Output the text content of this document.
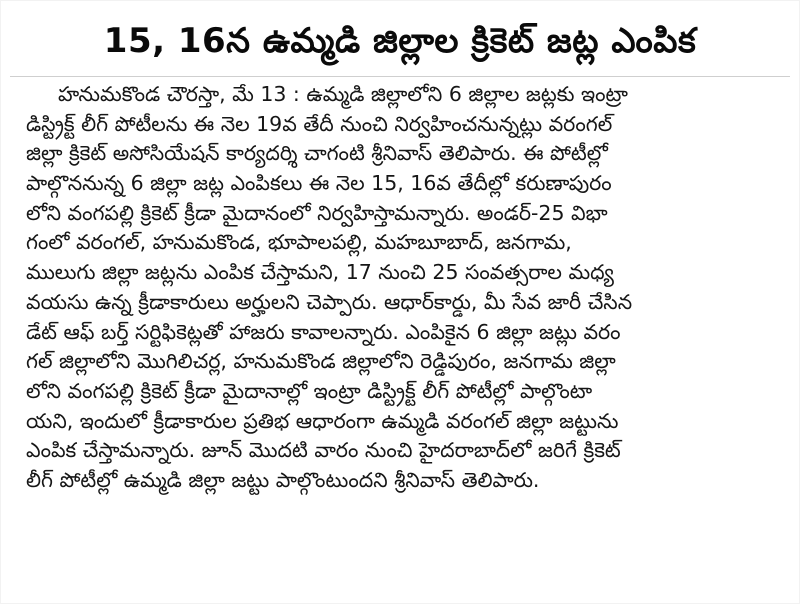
15, 16న ఉమ్మడి జిల్లాల క్రికెట్ జట్ల ఎంపిక
హనుమకొండ చౌరస్తా, మే 13 : ఉమ్మడి జిల్లాలోని 6 జిల్లాల జట్లకు ఇంట్రా
డిస్ట్రిక్ట్ లీగ్ పోటీలను ఈ నెల 19వ తేదీ నుంచి నిర్వహించనున్నట్లు వరంగల్
జిల్లా క్రికెట్ అసోసియేషన్ కార్యదర్శి చాగంటి శ్రీనివాస్ తెలిపారు. ఈ పోటీల్లో
పాల్గొననున్న 6 జిల్లా జట్ల ఎంపికలు ఈ నెల 15, 16వ తేదీల్లో కరుణాపురం
లోని వంగపల్లి క్రికెట్ క్రీడా మైదానంలో నిర్వహిస్తామన్నారు. అండర్-25 విభా
గంలో వరంగల్, హనుమకొండ, భూపాలపల్లి, మహబూబాద్, జనగామ,
ములుగు జిల్లా జట్లను ఎంపిక చేస్తామని, 17 నుంచి 25 సంవత్సరాల మధ్య
వయసు ఉన్న క్రీడాకారులు అర్హులని చెప్పారు. ఆధార్‌కార్డు, మీ సేవ జారీ చేసిన
డేట్ ఆఫ్ బర్త్ సర్టిఫికెట్లతో హాజరు కావాలన్నారు. ఎంపికైన 6 జిల్లా జట్లు వరం
గల్ జిల్లాలోని మొగిలిచర్ల, హనుమకొండ జిల్లాలోని రెడ్డిపురం, జనగామ జిల్లా
లోని వంగపల్లి క్రికెట్ క్రీడా మైదానాల్లో ఇంట్రా డిస్ట్రిక్ట్ లీగ్ పోటీల్లో పాల్గొంటా
యని, ఇందులో క్రీడాకారుల ప్రతిభ ఆధారంగా ఉమ్మడి వరంగల్ జిల్లా జట్టును
ఎంపిక చేస్తామన్నారు. జూన్ మొదటి వారం నుంచి హైదరాబాద్‌లో జరిగే క్రికెట్
లీగ్ పోటీల్లో ఉమ్మడి జిల్లా జట్టు పాల్గొంటుందని శ్రీనివాస్ తెలిపారు.
